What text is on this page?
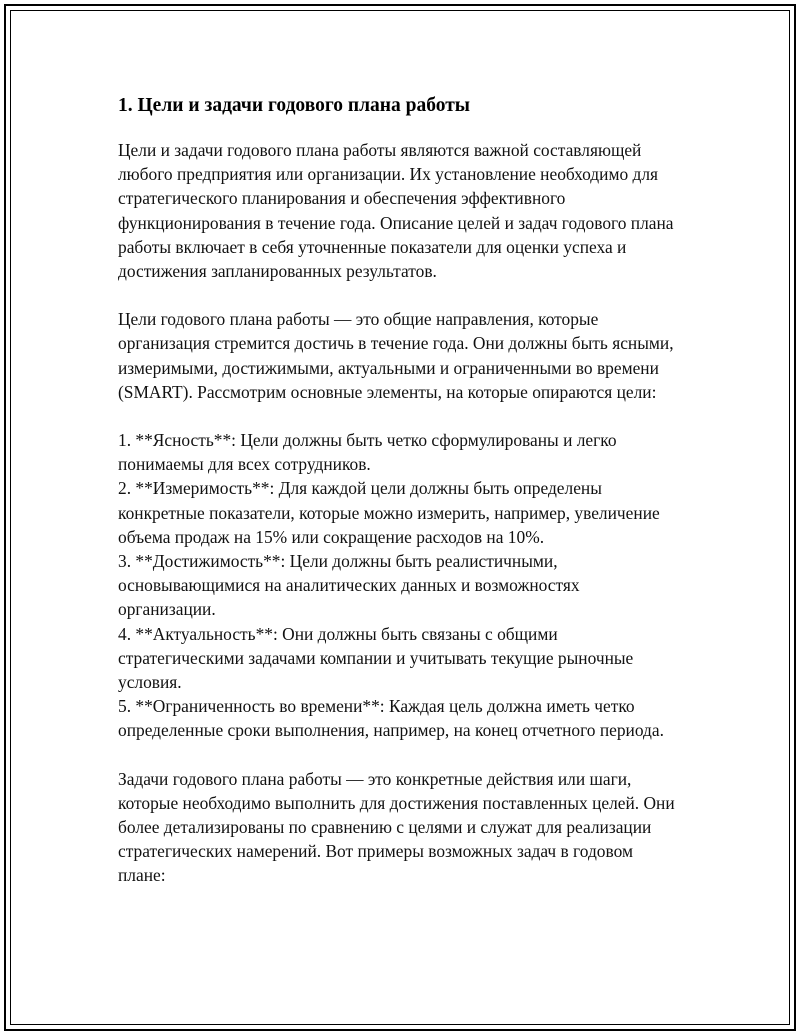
1. Цели и задачи годового плана работы

Цели и задачи годового плана работы являются важной составляющей любого предприятия или организации. Их установление необходимо для стратегического планирования и обеспечения эффективного функционирования в течение года. Описание целей и задач годового плана работы включает в себя уточненные показатели для оценки успеха и достижения запланированных результатов.

Цели годового плана работы — это общие направления, которые организация стремится достичь в течение года. Они должны быть ясными, измеримыми, достижимыми, актуальными и ограниченными во времени (SMART). Рассмотрим основные элементы, на которые опираются цели:

1. **Ясность**: Цели должны быть четко сформулированы и легко понимаемы для всех сотрудников.
2. **Измеримость**: Для каждой цели должны быть определены конкретные показатели, которые можно измерить, например, увеличение объема продаж на 15% или сокращение расходов на 10%.
3. **Достижимость**: Цели должны быть реалистичными, основывающимися на аналитических данных и возможностях организации.
4. **Актуальность**: Они должны быть связаны с общими стратегическими задачами компании и учитывать текущие рыночные условия.
5. **Ограниченность во времени**: Каждая цель должна иметь четко определенные сроки выполнения, например, на конец отчетного периода.

Задачи годового плана работы — это конкретные действия или шаги, которые необходимо выполнить для достижения поставленных целей. Они более детализированы по сравнению с целями и служат для реализации стратегических намерений. Вот примеры возможных задач в годовом плане:
